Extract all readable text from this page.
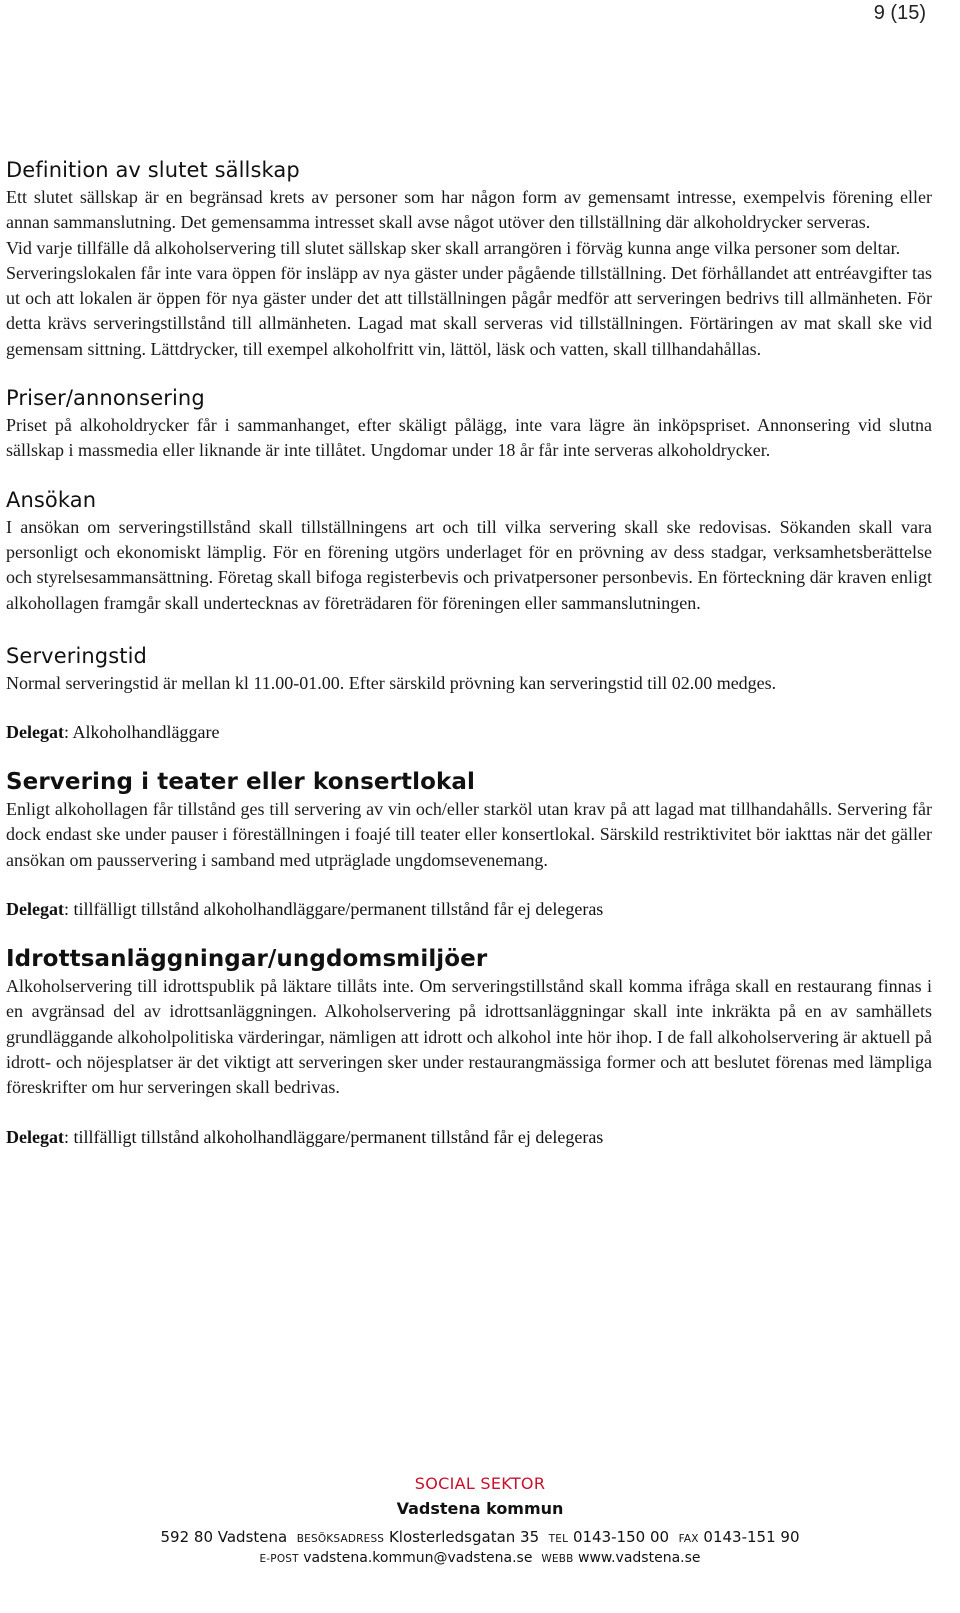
9 (15)
Definition av slutet sällskap

Ett slutet sällskap är en begränsad krets av personer som har någon form av gemensamt intresse, exempelvis förening eller annan sammanslutning. Det gemensamma intresset skall avse något utöver den tillställning där alkoholdrycker serveras.

Vid varje tillfälle då alkoholservering till slutet sällskap sker skall arrangören i förväg kunna ange vilka personer som deltar.

Serveringslokalen får inte vara öppen för insläpp av nya gäster under pågående tillställning. Det förhållandet att entréavgifter tas ut och att lokalen är öppen för nya gäster under det att tillställningen pågår medför att serveringen bedrivs till allmänheten. För detta krävs serveringstillstånd till allmänheten. Lagad mat skall serveras vid tillställningen. Förtäringen av mat skall ske vid gemensam sittning. Lättdrycker, till exempel alkoholfritt vin, lättöl, läsk och vatten, skall tillhandahållas.

Priser/annonsering

Priset på alkoholdrycker får i sammanhanget, efter skäligt pålägg, inte vara lägre än inköpspriset. Annonsering vid slutna sällskap i massmedia eller liknande är inte tillåtet. Ungdomar under 18 år får inte serveras alkoholdrycker.

Ansökan

I ansökan om serveringstillstånd skall tillställningens art och till vilka servering skall ske redovisas. Sökanden skall vara personligt och ekonomiskt lämplig. För en förening utgörs underlaget för en prövning av dess stadgar, verksamhetsberättelse och styrelsesammansättning. Företag skall bifoga registerbevis och privatpersoner personbevis. En förteckning där kraven enligt alkohollagen framgår skall undertecknas av företrädaren för föreningen eller sammanslutningen.

Serveringstid

Normal serveringstid är mellan kl 11.00-01.00. Efter särskild prövning kan serveringstid till 02.00 medges.

Delegat: Alkoholhandläggare

Servering i teater eller konsertlokal

Enligt alkohollagen får tillstånd ges till servering av vin och/eller starköl utan krav på att lagad mat tillhandahålls. Servering får dock endast ske under pauser i föreställningen i foajé till teater eller konsertlokal. Särskild restriktivitet bör iakttas när det gäller ansökan om pausservering i samband med utpräglade ungdomsevenemang.

Delegat: tillfälligt tillstånd alkoholhandläggare/permanent tillstånd får ej delegeras

Idrottsanläggningar/ungdomsmiljöer

Alkoholservering till idrottspublik på läktare tillåts inte. Om serveringstillstånd skall komma ifråga skall en restaurang finnas i en avgränsad del av idrottsanläggningen. Alkoholservering på idrottsanläggningar skall inte inkräkta på en av samhällets grundläggande alkoholpolitiska värderingar, nämligen att idrott och alkohol inte hör ihop. I de fall alkoholservering är aktuell på idrott- och nöjesplatser är det viktigt att serveringen sker under restaurangmässiga former och att beslutet förenas med lämpliga föreskrifter om hur serveringen skall bedrivas.

Delegat: tillfälligt tillstånd alkoholhandläggare/permanent tillstånd får ej delegeras

SOCIAL SEKTOR
Vadstena kommun
592 80 Vadstena BESÖKSADRESS Klosterledsgatan 35 TEL 0143-150 00 FAX 0143-151 90
E-POST vadstena.kommun@vadstena.se WEBB www.vadstena.se
